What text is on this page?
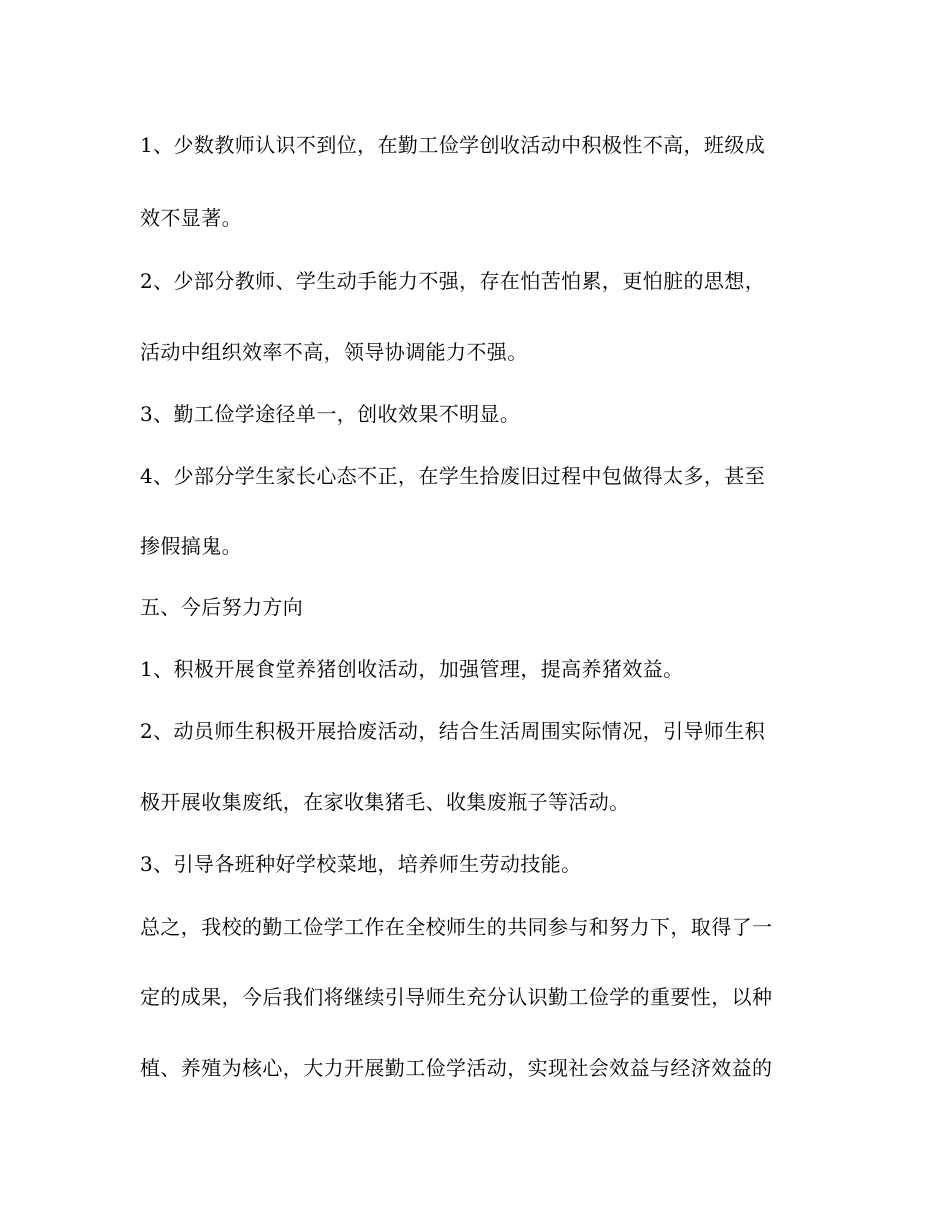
1、少数教师认识不到位，在勤工俭学创收活动中积极性不高，班级成

效不显著。

2、少部分教师、学生动手能力不强，存在怕苦怕累，更怕脏的思想，

活动中组织效率不高，领导协调能力不强。

3、勤工俭学途径单一，创收效果不明显。

4、少部分学生家长心态不正，在学生拾废旧过程中包做得太多，甚至

掺假搞鬼。

五、今后努力方向

1、积极开展食堂养猪创收活动，加强管理，提高养猪效益。

2、动员师生积极开展拾废活动，结合生活周围实际情况，引导师生积

极开展收集废纸，在家收集猪毛、收集废瓶子等活动。

3、引导各班种好学校菜地，培养师生劳动技能。

总之，我校的勤工俭学工作在全校师生的共同参与和努力下，取得了一

定的成果，今后我们将继续引导师生充分认识勤工俭学的重要性，以种

植、养殖为核心，大力开展勤工俭学活动，实现社会效益与经济效益的
